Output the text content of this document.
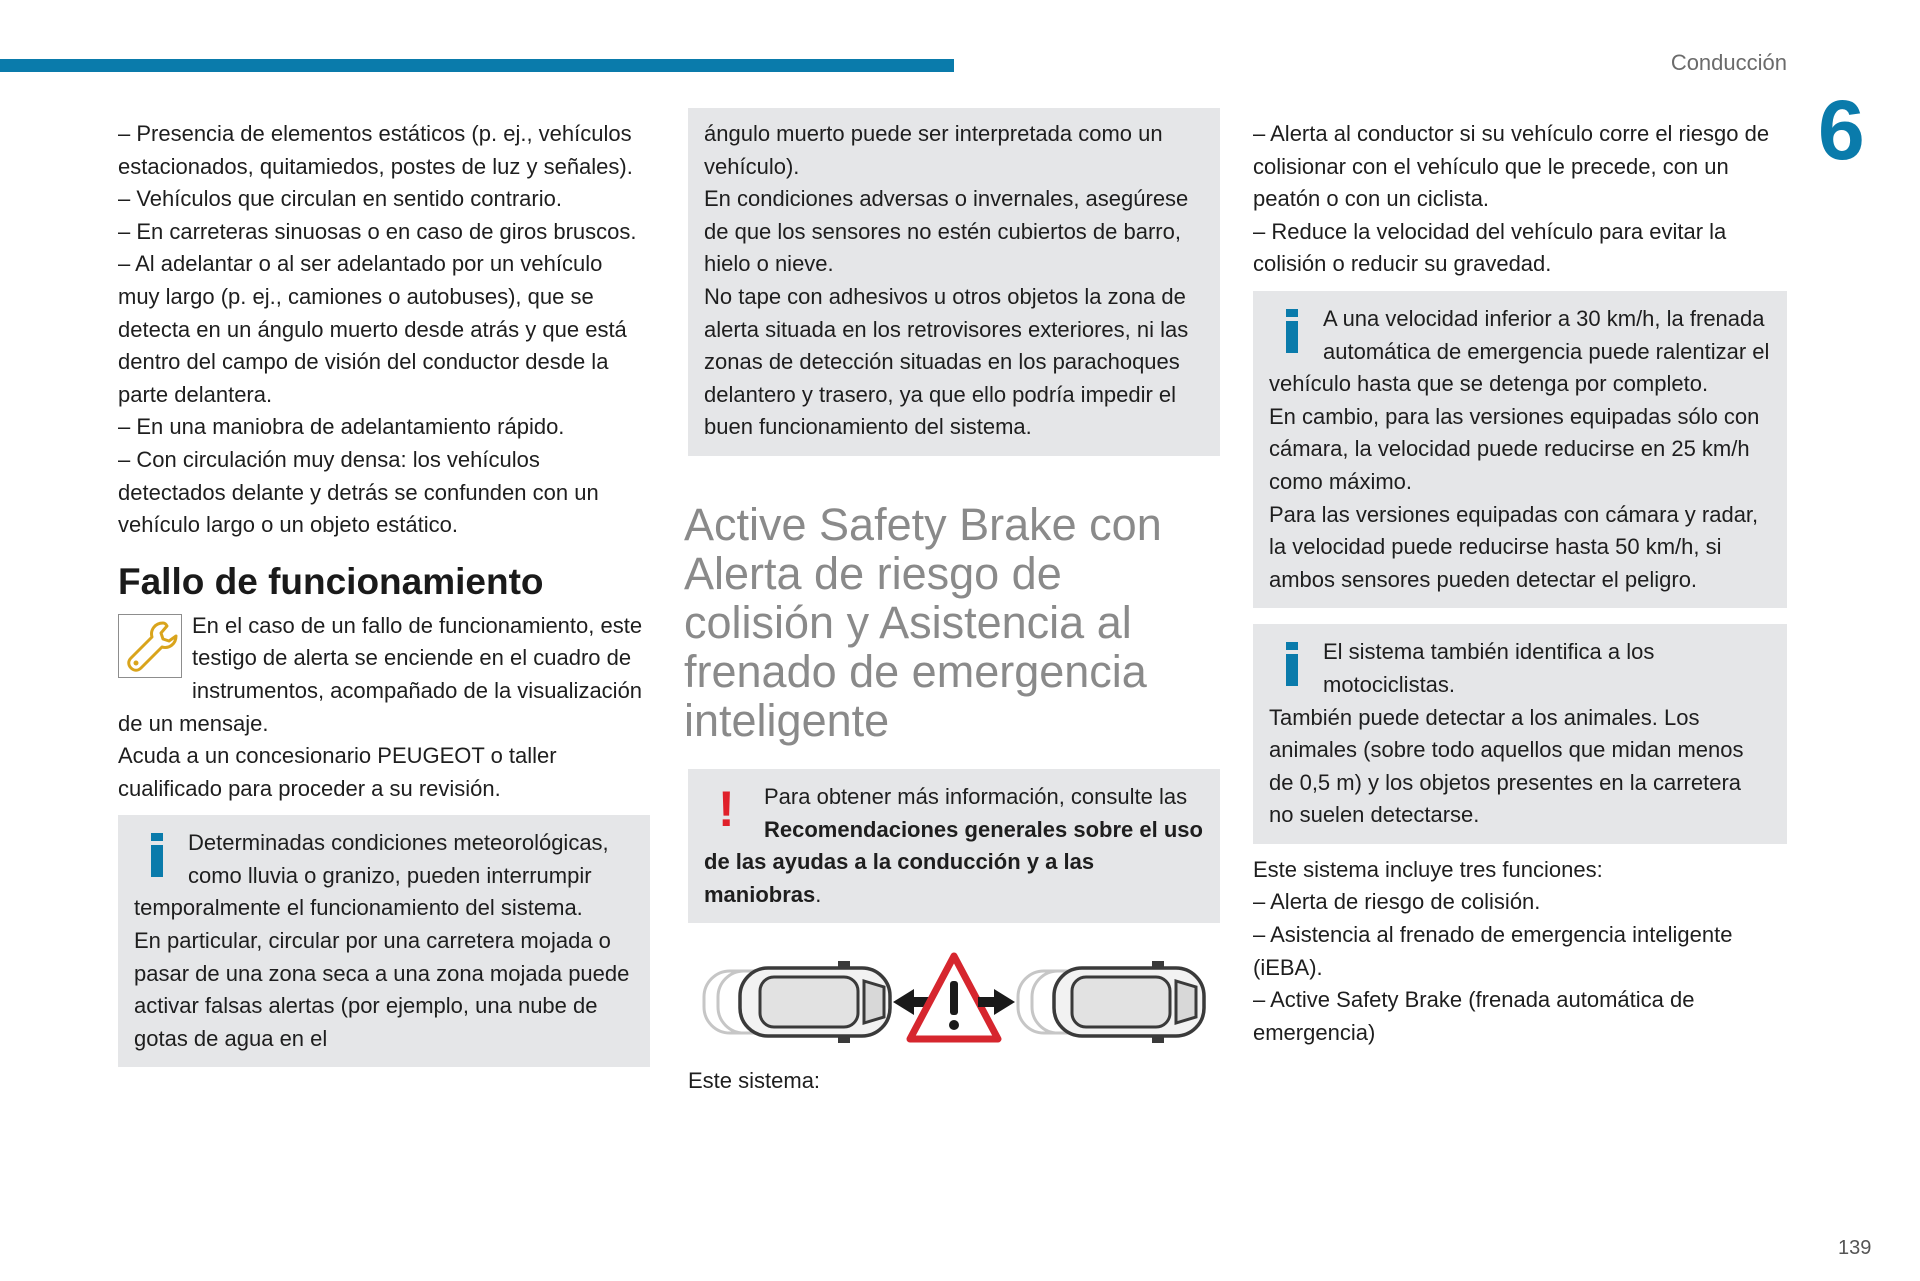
Conducción
6
139

– Presencia de elementos estáticos (p. ej., vehículos estacionados, quitamiedos, postes de luz y señales).

– Vehículos que circulan en sentido contrario.

– En carreteras sinuosas o en caso de giros bruscos.

– Al adelantar o al ser adelantado por un vehículo muy largo (p. ej., camiones o autobuses), que se detecta en un ángulo muerto desde atrás y que está dentro del campo de visión del conductor desde la parte delantera.

– En una maniobra de adelantamiento rápido.

– Con circulación muy densa: los vehículos detectados delante y detrás se confunden con un vehículo largo o un objeto estático.

Fallo de funcionamiento

En el caso de un fallo de funcionamiento, este testigo de alerta se enciende en el cuadro de instrumentos, acompañado de la visualización de un mensaje.

Acuda a un concesionario PEUGEOT o taller cualificado para proceder a su revisión.

Determinadas condiciones meteorológicas, como lluvia o granizo, pueden interrumpir temporalmente el funcionamiento del sistema.

En particular, circular por una carretera mojada o pasar de una zona seca a una zona mojada puede activar falsas alertas (por ejemplo, una nube de gotas de agua en el

ángulo muerto puede ser interpretada como un vehículo).

En condiciones adversas o invernales, asegúrese de que los sensores no estén cubiertos de barro, hielo o nieve.

No tape con adhesivos u otros objetos la zona de alerta situada en los retrovisores exteriores, ni las zonas de detección situadas en los parachoques delantero y trasero, ya que ello podría impedir el buen funcionamiento del sistema.

Active Safety Brake con Alerta de riesgo de colisión y Asistencia al frenado de emergencia inteligente
!	Para obtener más información, consulte las Recomendaciones generales sobre el uso de las ayudas a la conducción y a las maniobras.

Este sistema:

– Alerta al conductor si su vehículo corre el riesgo de colisionar con el vehículo que le precede, con un peatón o con un ciclista.

– Reduce la velocidad del vehículo para evitar la colisión o reducir su gravedad.

A una velocidad inferior a 30 km/h, la frenada automática de emergencia puede ralentizar el vehículo hasta que se detenga por completo.

En cambio, para las versiones equipadas sólo con cámara, la velocidad puede reducirse en 25 km/h como máximo.

Para las versiones equipadas con cámara y radar, la velocidad puede reducirse hasta 50 km/h, si ambos sensores pueden detectar el peligro.

El sistema también identifica a los motociclistas.

También puede detectar a los animales. Los animales (sobre todo aquellos que midan menos de 0,5 m) y los objetos presentes en la carretera no suelen detectarse.

Este sistema incluye tres funciones:

– Alerta de riesgo de colisión.

– Asistencia al frenado de emergencia inteligente (iEBA).

– Active Safety Brake (frenada automática de emergencia)
